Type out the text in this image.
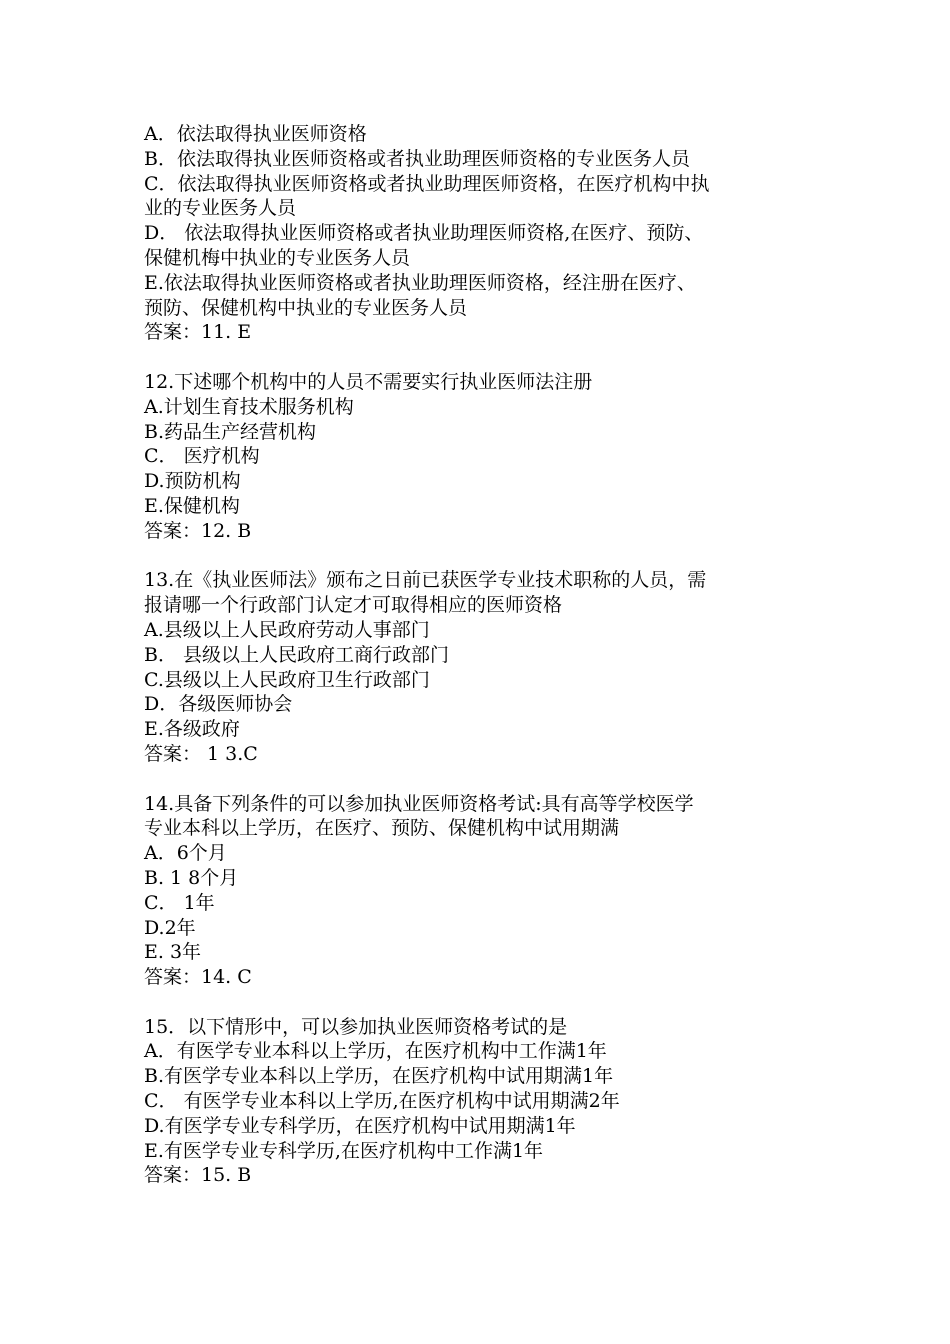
A．依法取得执业医师资格

B．依法取得执业医师资格或者执业助理医师资格的专业医务人员

C．依法取得执业医师资格或者执业助理医师资格，在医疗机构中执

业的专业医务人员

D． 依法取得执业医师资格或者执业助理医师资格,在医疗、预防、

保健机梅中执业的专业医务人员

E.依法取得执业医师资格或者执业助理医师资格，经注册在医疗、

预防、保健机构中执业的专业医务人员

答案：11. E

12.下述哪个机构中的人员不需要实行执业医师法注册

A.计划生育技术服务机构

B.药品生产经营机构

C． 医疗机构

D.预防机构

E.保健机构

答案：12. B

13.在《执业医师法》颁布之日前已获医学专业技术职称的人员，需

报请哪一个行政部门认定才可取得相应的医师资格

A.县级以上人民政府劳动人事部门

B． 县级以上人民政府工商行政部门

C.县级以上人民政府卫生行政部门

D．各级医师协会

E.各级政府

答案： 1 3.C

14.具备下列条件的可以参加执业医师资格考试:具有高等学校医学

专业本科以上学历，在医疗、预防、保健机构中试用期满

A．6个月

B. 1 8个月

C． 1年

D.2年

E. 3年

答案：14. C

15．以下情形中，可以参加执业医师资格考试的是

A．有医学专业本科以上学历，在医疗机构中工作满1年

B.有医学专业本科以上学历，在医疗机构中试用期满1年

C． 有医学专业本科以上学历,在医疗机构中试用期满2年

D.有医学专业专科学历，在医疗机构中试用期满1年

E.有医学专业专科学历,在医疗机构中工作满1年

答案：15. B
